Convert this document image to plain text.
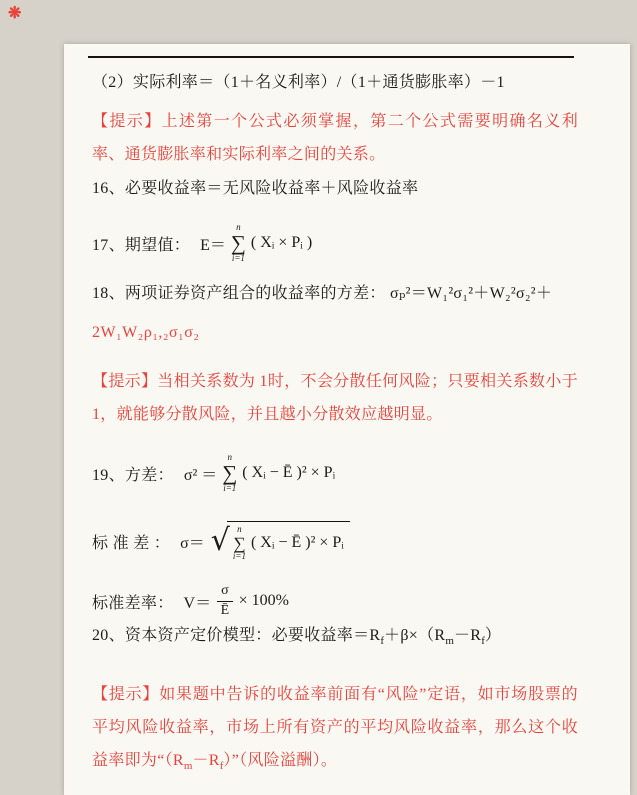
❋
（2）实际利率＝（1＋名义利率）/（1＋通货膨胀率）－1
【提示】上述第一个公式必须掌握，第二个公式需要明确名义利率、通货膨胀率和实际利率之间的关系。
16、必要收益率＝无风险收益率＋风险收益率
17、期望值： E＝
n
∑
i=1
( Xᵢ × Pᵢ )
18、两项证券资产组合的收益率的方差： σₚ²＝W₁²σ₁²＋W₂²σ₂²＋
2W₁W₂ρ₁,₂σ₁σ₂
【提示】当相关系数为 1时，不会分散任何风险；只要相关系数小于 1，就能够分散风险，并且越小分散效应越明显。
19、方差： σ² ＝
n
∑
i=1
( Xᵢ − Ē )² × Pᵢ
标 准 差 ： σ＝ √ n
∑
i=1
( Xᵢ − Ē )² × Pᵢ
标准差率： $V= \frac{\sigma}{Ē} \times 100\%$
20、资本资产定价模型：必要收益率$=R_f+\beta\times(R_m-R_f)$
【提示】如果题中告诉的收益率前面有“风险”定语，如市场股票的平均风险收益率，市场上所有资产的平均风险收益率，那么这个收益率即为“$(R_m-R_f)$”（风险溢酬）。
